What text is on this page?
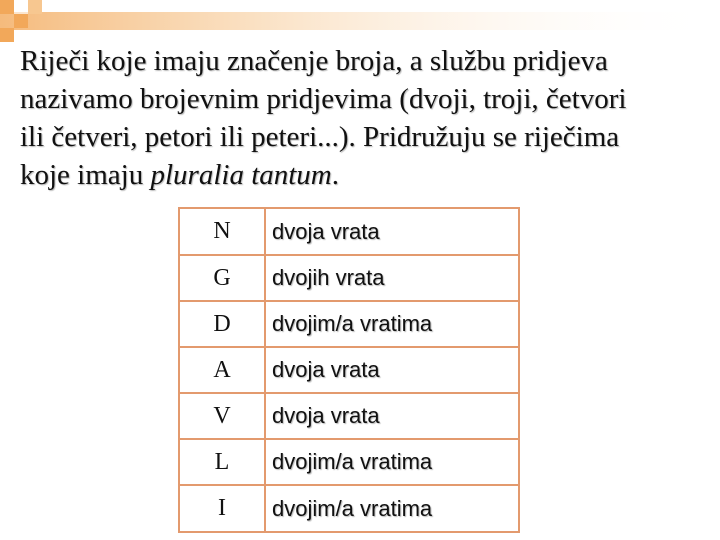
Riječi koje imaju značenje broja, a službu pridjeva
nazivamo brojevnim pridjevima (dvoji, troji, četvori
ili četveri, petori ili peteri...). Pridružuju se riječima
koje imaju pluralia tantum.

N	dvoja vrata
G	dvojih vrata
D	dvojim/a vratima
A	dvoja vrata
V	dvoja vrata
L	dvojim/a vratima
I	dvojim/a vratima
